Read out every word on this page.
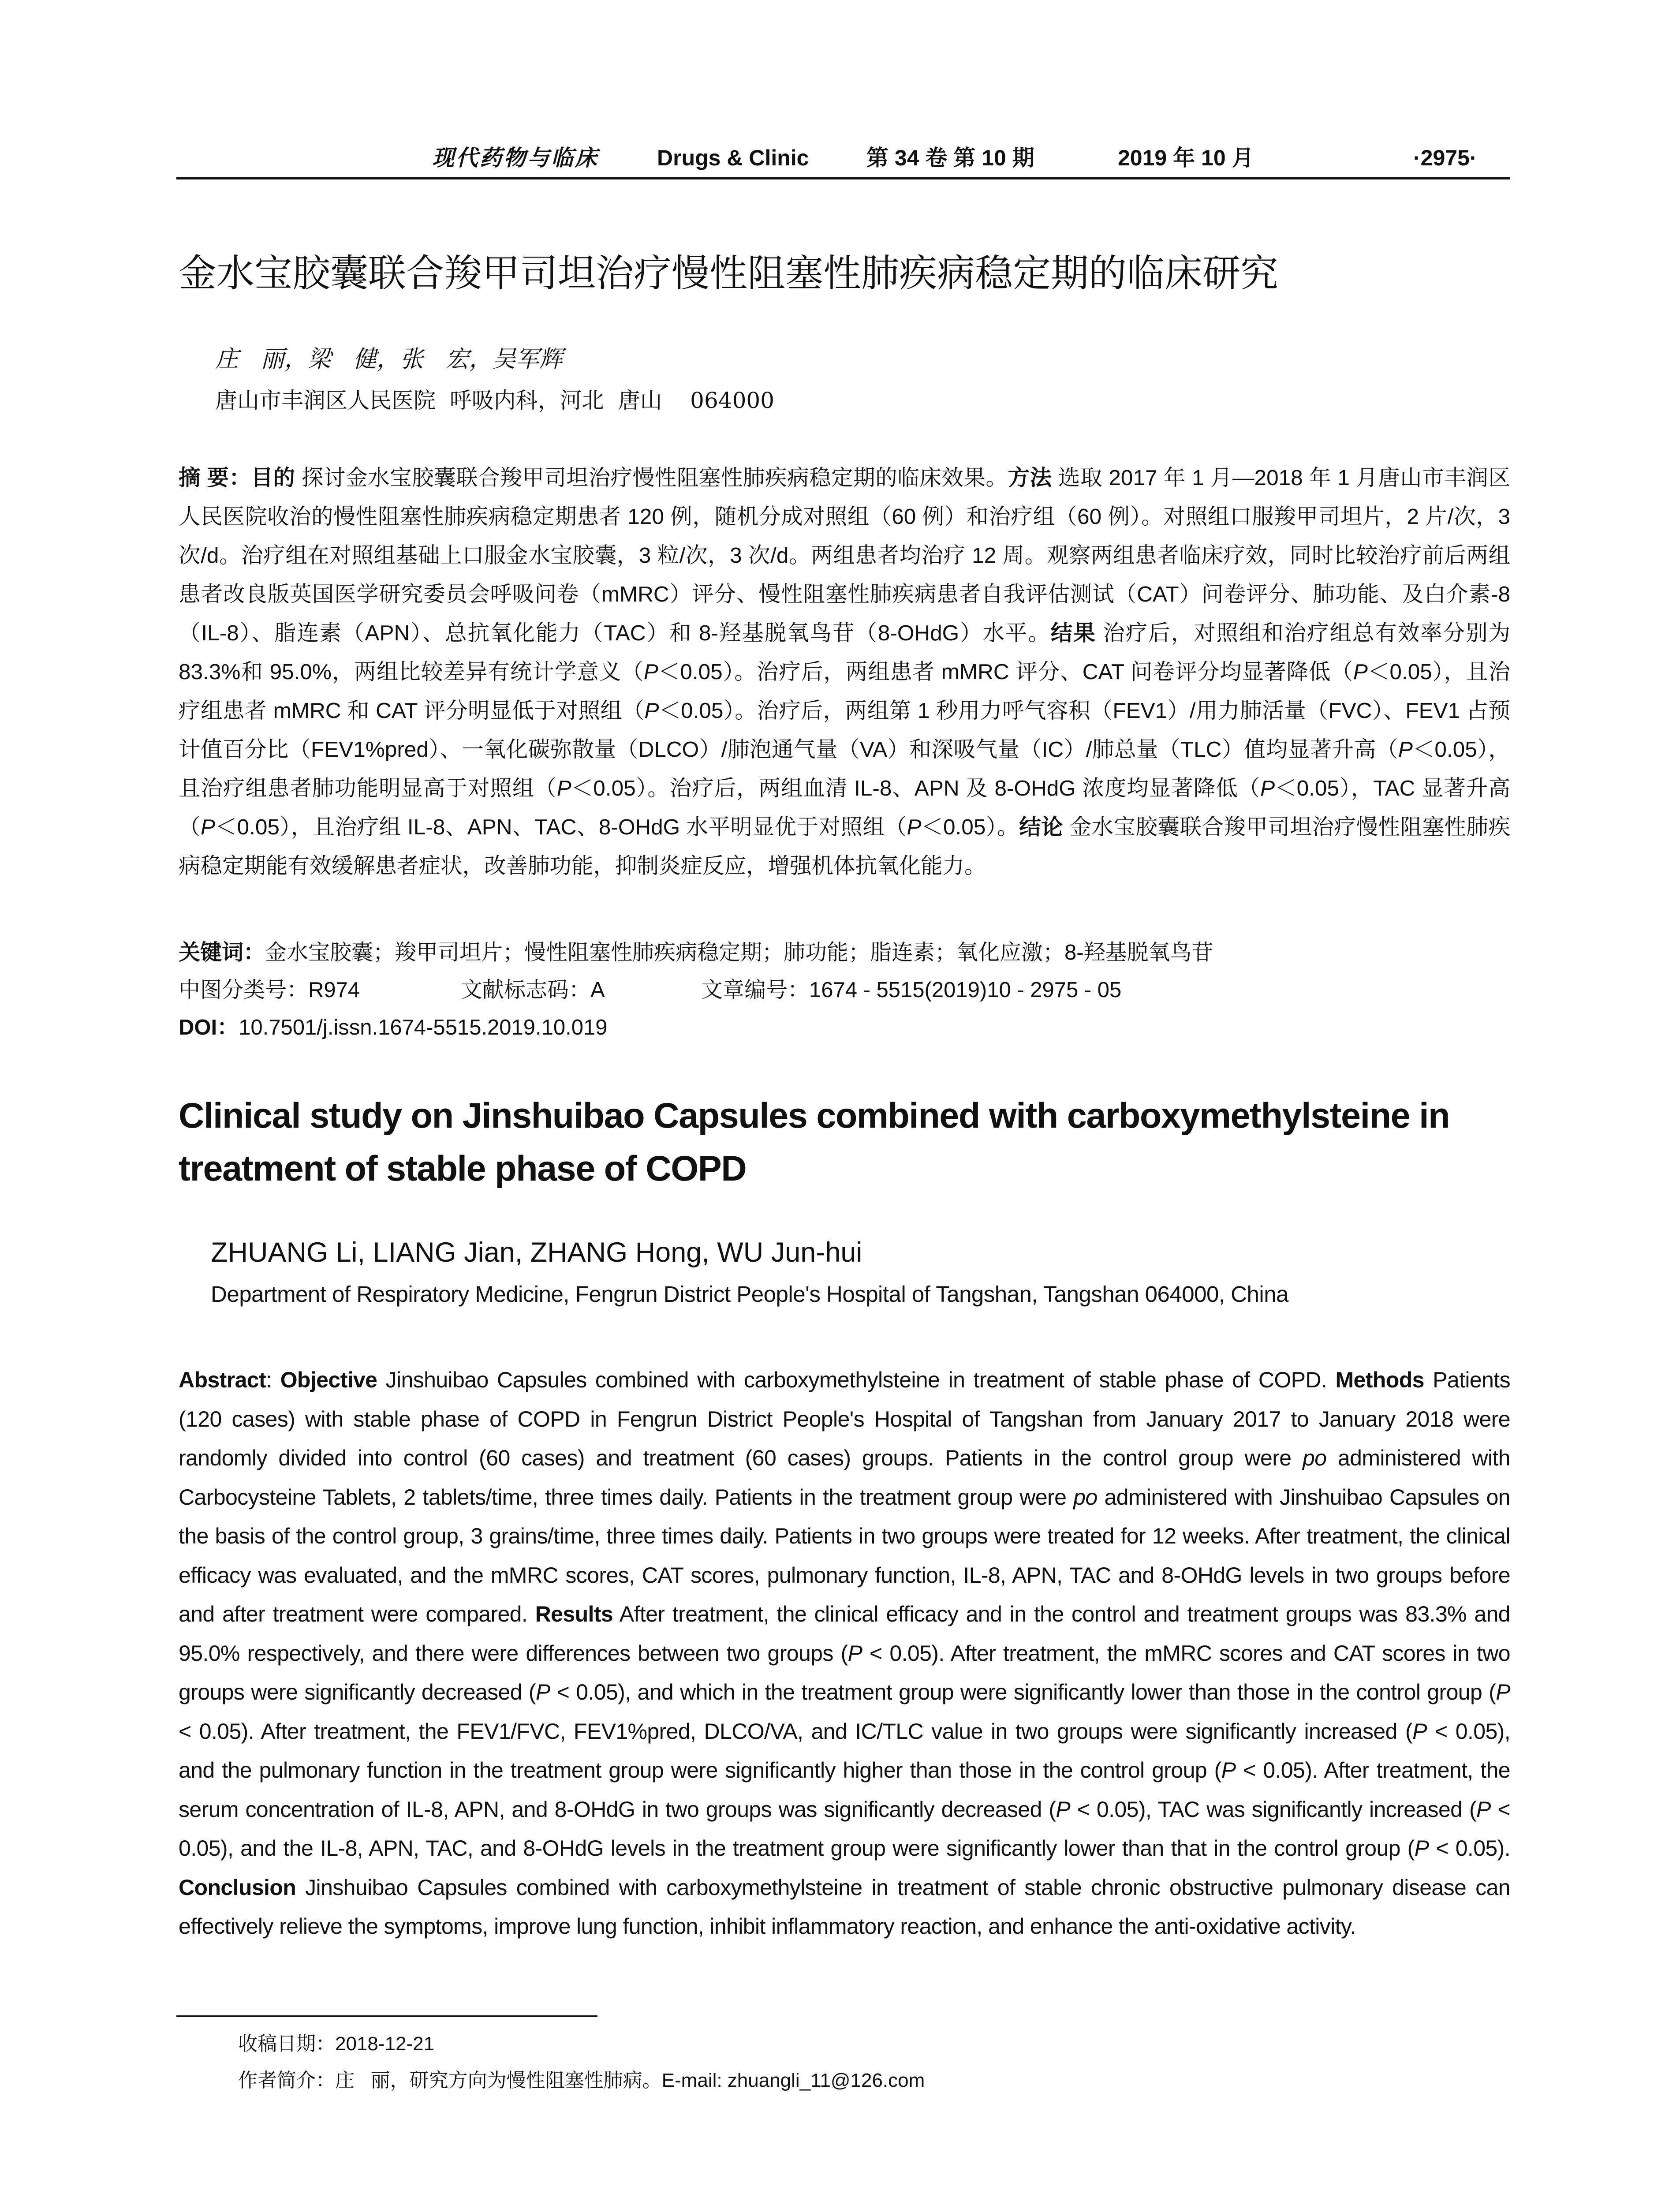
现代药物与临床	Drugs & Clinic	第 34 卷 第 10 期	2019 年 10 月	·2975·
金水宝胶囊联合羧甲司坦治疗慢性阻塞性肺疾病稳定期的临床研究
庄   丽，梁   健，张   宏，吴军辉
唐山市丰润区人民医院  呼吸内科，河北  唐山    064000
摘 要：目的 探讨金水宝胶囊联合羧甲司坦治疗慢性阻塞性肺疾病稳定期的临床效果。方法 选取 2017 年 1 月—2018 年 1 月唐山市丰润区人民医院收治的慢性阻塞性肺疾病稳定期患者 120 例，随机分成对照组（60 例）和治疗组（60 例）。对照组口服羧甲司坦片，2 片/次，3 次/d。治疗组在对照组基础上口服金水宝胶囊，3 粒/次，3 次/d。两组患者均治疗 12 周。观察两组患者临床疗效，同时比较治疗前后两组患者改良版英国医学研究委员会呼吸问卷（mMRC）评分、慢性阻塞性肺疾病患者自我评估测试（CAT）问卷评分、肺功能、及白介素-8（IL-8）、脂连素（APN）、总抗氧化能力（TAC）和 8-羟基脱氧鸟苷（8-OHdG）水平。结果 治疗后，对照组和治疗组总有效率分别为 83.3%和 95.0%，两组比较差异有统计学意义（P＜0.05）。治疗后，两组患者 mMRC 评分、CAT 问卷评分均显著降低（P＜0.05），且治疗组患者 mMRC 和 CAT 评分明显低于对照组（P＜0.05）。治疗后，两组第 1 秒用力呼气容积（FEV1）/用力肺活量（FVC）、FEV1 占预计值百分比（FEV1%pred）、一氧化碳弥散量（DLCO）/肺泡通气量（VA）和深吸气量（IC）/肺总量（TLC）值均显著升高（P＜0.05），且治疗组患者肺功能明显高于对照组（P＜0.05）。治疗后，两组血清 IL-8、APN 及 8-OHdG 浓度均显著降低（P＜0.05），TAC 显著升高（P＜0.05），且治疗组 IL-8、APN、TAC、8-OHdG 水平明显优于对照组（P＜0.05）。结论 金水宝胶囊联合羧甲司坦治疗慢性阻塞性肺疾病稳定期能有效缓解患者症状，改善肺功能，抑制炎症反应，增强机体抗氧化能力。
关键词：金水宝胶囊；羧甲司坦片；慢性阻塞性肺疾病稳定期；肺功能；脂连素；氧化应激；8-羟基脱氧鸟苷

中图分类号：R974

	文献标志码：A

	文章编号：1674 - 5515(2019)10 - 2975 - 05

DOI：10.7501/j.issn.1674-5515.2019.10.019
Clinical study on Jinshuibao Capsules combined with carboxymethylsteine in treatment of stable phase of COPD
ZHUANG Li, LIANG Jian, ZHANG Hong, WU Jun-hui
Department of Respiratory Medicine, Fengrun District People's Hospital of Tangshan, Tangshan 064000, China
Abstract: Objective Jinshuibao Capsules combined with carboxymethylsteine in treatment of stable phase of COPD. Methods Patients (120 cases) with stable phase of COPD in Fengrun District People's Hospital of Tangshan from January 2017 to January 2018 were randomly divided into control (60 cases) and treatment (60 cases) groups. Patients in the control group were po administered with Carbocysteine Tablets, 2 tablets/time, three times daily. Patients in the treatment group were po administered with Jinshuibao Capsules on the basis of the control group, 3 grains/time, three times daily. Patients in two groups were treated for 12 weeks. After treatment, the clinical efficacy was evaluated, and the mMRC scores, CAT scores, pulmonary function, IL-8, APN, TAC and 8-OHdG levels in two groups before and after treatment were compared. Results After treatment, the clinical efficacy and in the control and treatment groups was 83.3% and 95.0% respectively, and there were differences between two groups (P < 0.05). After treatment, the mMRC scores and CAT scores in two groups were significantly decreased (P < 0.05), and which in the treatment group were significantly lower than those in the control group (P < 0.05). After treatment, the FEV1/FVC, FEV1%pred, DLCO/VA, and IC/TLC value in two groups were significantly increased (P < 0.05), and the pulmonary function in the treatment group were significantly higher than those in the control group (P < 0.05). After treatment, the serum concentration of IL-8, APN, and 8-OHdG in two groups was significantly decreased (P < 0.05), TAC was significantly increased (P < 0.05), and the IL-8, APN, TAC, and 8-OHdG levels in the treatment group were significantly lower than that in the control group (P < 0.05). Conclusion Jinshuibao Capsules combined with carboxymethylsteine in treatment of stable chronic obstructive pulmonary disease can effectively relieve the symptoms, improve lung function, inhibit inflammatory reaction, and enhance the anti-oxidative activity.
收稿日期：2018-12-21
作者简介：庄   丽，研究方向为慢性阻塞性肺病。E-mail: zhuangli_11@126.com
